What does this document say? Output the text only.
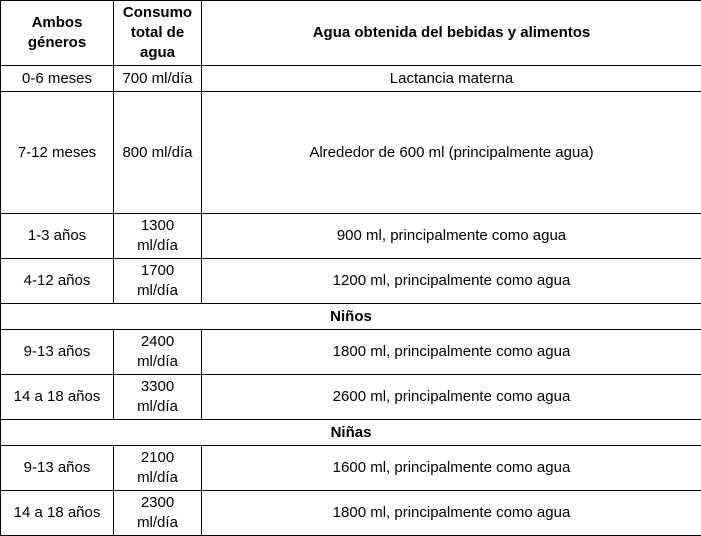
Ambos géneros	Consumo total de agua	Agua obtenida del bebidas y alimentos
0-6 meses	700 ml/día	Lactancia materna
7-12 meses	800 ml/día	Alrededor de 600 ml (principalmente agua)
1-3 años	1300 ml/día	900 ml, principalmente como agua
4-12 años	1700 ml/día	1200 ml, principalmente como agua
Niños		
9-13 años	2400 ml/día	1800 ml, principalmente como agua
14 a 18 años	3300 ml/día	2600 ml, principalmente como agua
Niñas		
9-13 años	2100 ml/día	1600 ml, principalmente como agua
14 a 18 años	2300 ml/día	1800 ml, principalmente como agua
